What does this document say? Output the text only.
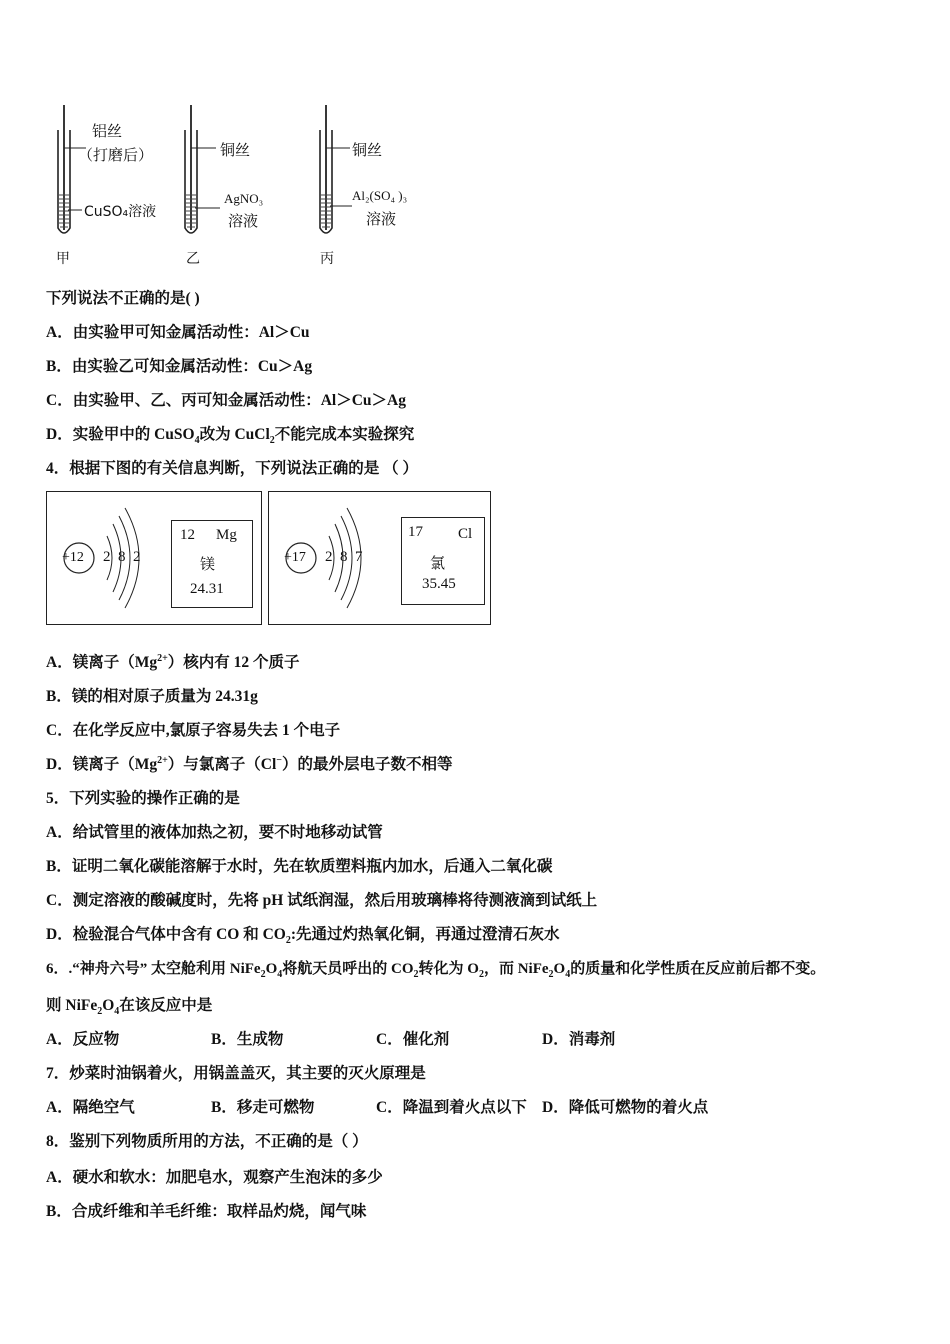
铝丝
（打磨后）
CuSO₄溶液
甲
铜丝
AgNO₃
溶液
乙
铜丝
Al₂(SO₄ )₃
溶液
丙
下列说法不正确的是( )
A．由实验甲可知金属活动性：Al＞Cu
B．由实验乙可知金属活动性：Cu＞Ag
C．由实验甲、乙、丙可知金属活动性：Al＞Cu＞Ag
D．实验甲中的 CuSO$_4$改为 CuCl$_2$不能完成本实验探究
4．根据下图的有关信息判断，下列说法正确的是 （ ）
+12 2  8  2
12 Mg
镁
24.31
+17 2  8  7
17 Cl
氯
35.45
A．镁离子$(Mg^{2+})$核内有 12 个质子
B．镁的相对原子质量为 24.31g
C．在化学反应中,氯原子容易失去 1 个电子
D．镁离子$(Mg^{2+})$与氯离子（Cl−）的最外层电子数不相等
5．下列实验的操作正确的是
A．给试管里的液体加热之初，要不时地移动试管
B．证明二氧化碳能溶解于水时，先在软质塑料瓶内加水，后通入二氧化碳
C．测定溶液的酸碱度时，先将 pH 试纸润湿，然后用玻璃棒将待测液滴到试纸上
D．检验混合气体中含有 CO 和 $CO_2$:先通过灼热氧化铜，再通过澄清石灰水
6．.“神舟六号” 太空舱利用 $NiFe_2O_4$将航天员呼出的 $CO_2$转化为 $O_2$，而 $NiFe_2O_4$的质量和化学性质在反应前后都不变。
则 $NiFe_2O_4$在该反应中是
A．反应物	B．生成物	C．催化剂	D．消毒剂
7．炒菜时油锅着火，用锅盖盖灭，其主要的灭火原理是
A．隔绝空气	B．移走可燃物	C．降温到着火点以下 D．降低可燃物的着火点
8．鉴别下列物质所用的方法，不正确的是（ ）
A．硬水和软水：加肥皂水，观察产生泡沫的多少
B．合成纤维和羊毛纤维：取样品灼烧，闻气味
